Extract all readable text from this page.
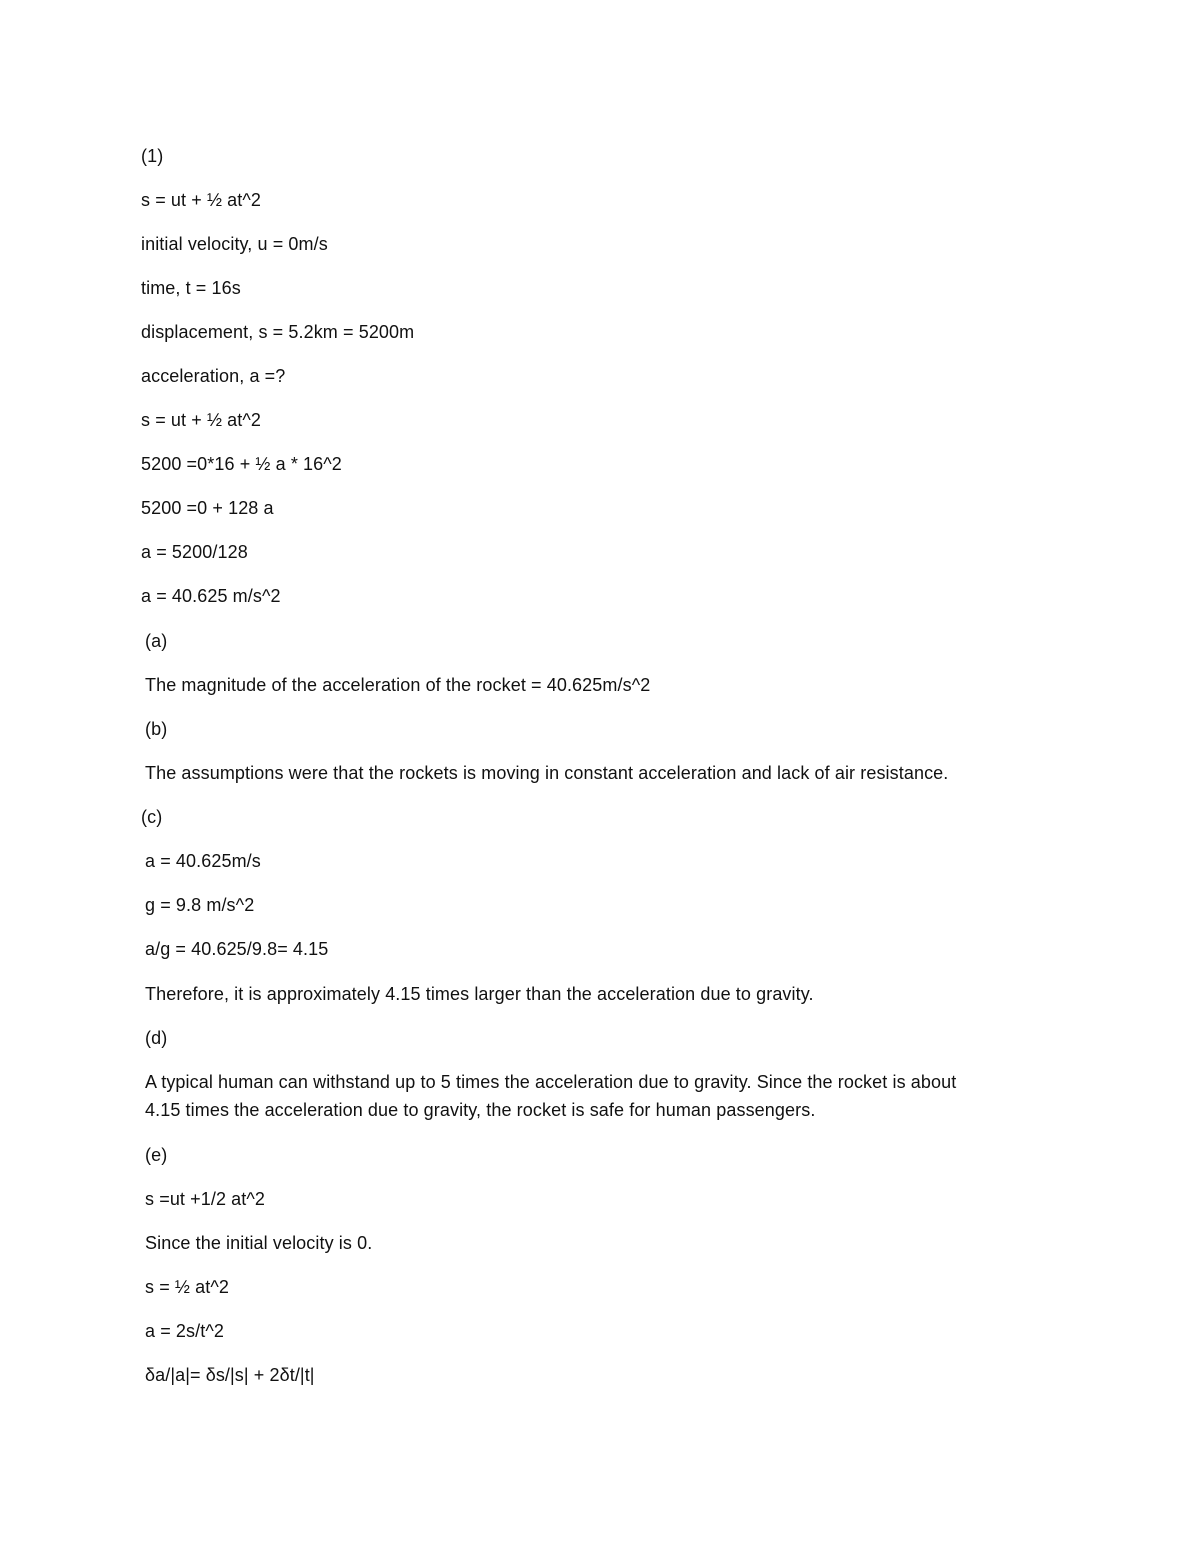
(1)
s = ut + ½ at^2
initial velocity, u = 0m/s
time, t = 16s
displacement, s = 5.2km = 5200m
acceleration, a =?
s = ut + ½ at^2
5200 =0*16 + ½ a * 16^2
5200 =0 + 128 a
a = 5200/128
a = 40.625 m/s^2
(a)
The magnitude of the acceleration of the rocket = 40.625m/s^2
(b)
The assumptions were that the rockets is moving in constant acceleration and lack of air resistance.
(c)
a = 40.625m/s
g = 9.8 m/s^2
a/g = 40.625/9.8= 4.15
Therefore, it is approximately 4.15 times larger than the acceleration due to gravity.
(d)
A typical human can withstand up to 5 times the acceleration due to gravity. Since the rocket is about
4.15 times the acceleration due to gravity, the rocket is safe for human passengers.
(e)
s =ut +1/2 at^2
Since the initial velocity is 0.
s = ½ at^2
a = 2s/t^2
δa/|a|= δs/|s| + 2δt/|t|
